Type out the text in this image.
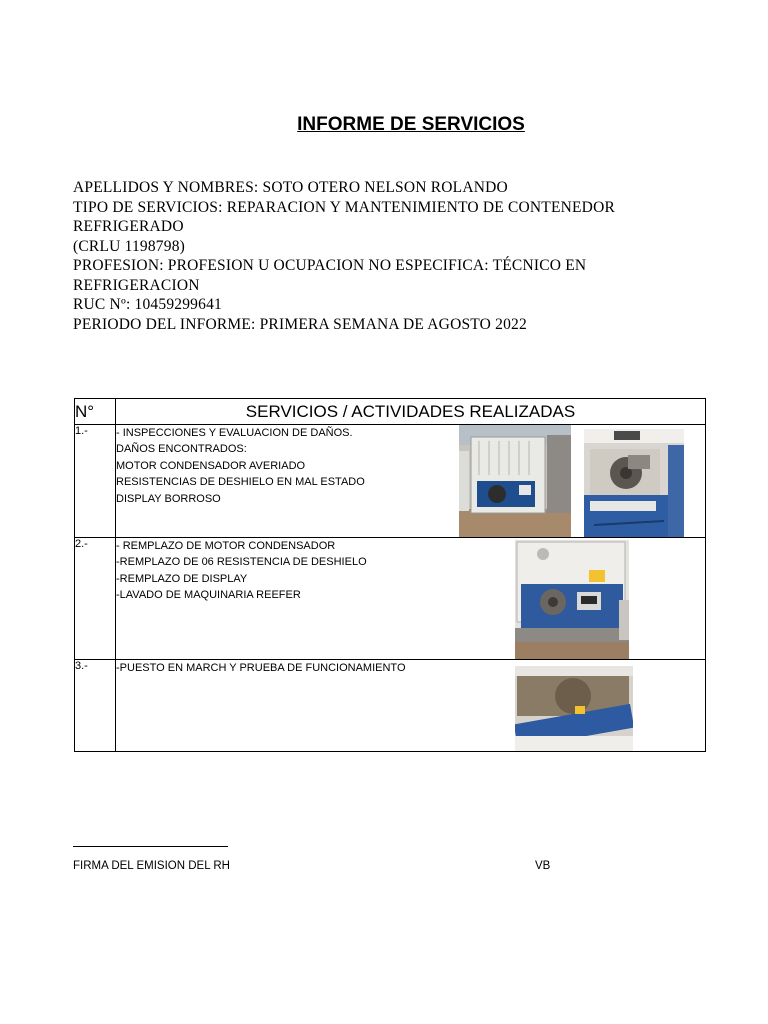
INFORME DE SERVICIOS
APELLIDOS Y NOMBRES: SOTO OTERO NELSON ROLANDO
TIPO DE SERVICIOS: REPARACION Y MANTENIMIENTO DE CONTENEDOR
REFRIGERADO
(CRLU 1198798)
PROFESION: PROFESION U OCUPACION NO ESPECIFICA: TÉCNICO EN
REFRIGERACION
RUC Nº: 10459299641
PERIODO DEL INFORME: PRIMERA SEMANA DE AGOSTO 2022
N°	SERVICIOS / ACTIVIDADES REALIZADAS
1.-	- INSPECCIONES Y EVALUACION DE DAÑOS.
DAÑOS ENCONTRADOS:
MOTOR CONDENSADOR AVERIADO
RESISTENCIAS DE DESHIELO EN MAL ESTADO
DISPLAY BORROSO

2.-	- REMPLAZO DE MOTOR CONDENSADOR
-REMPLAZO DE 06 RESISTENCIA DE DESHIELO
-REMPLAZO DE DISPLAY
-LAVADO DE MAQUINARIA REEFER

3.-	-PUESTO EN MARCH Y PRUEBA DE FUNCIONAMIENTO
FIRMA DEL EMISION DEL RH	VB
